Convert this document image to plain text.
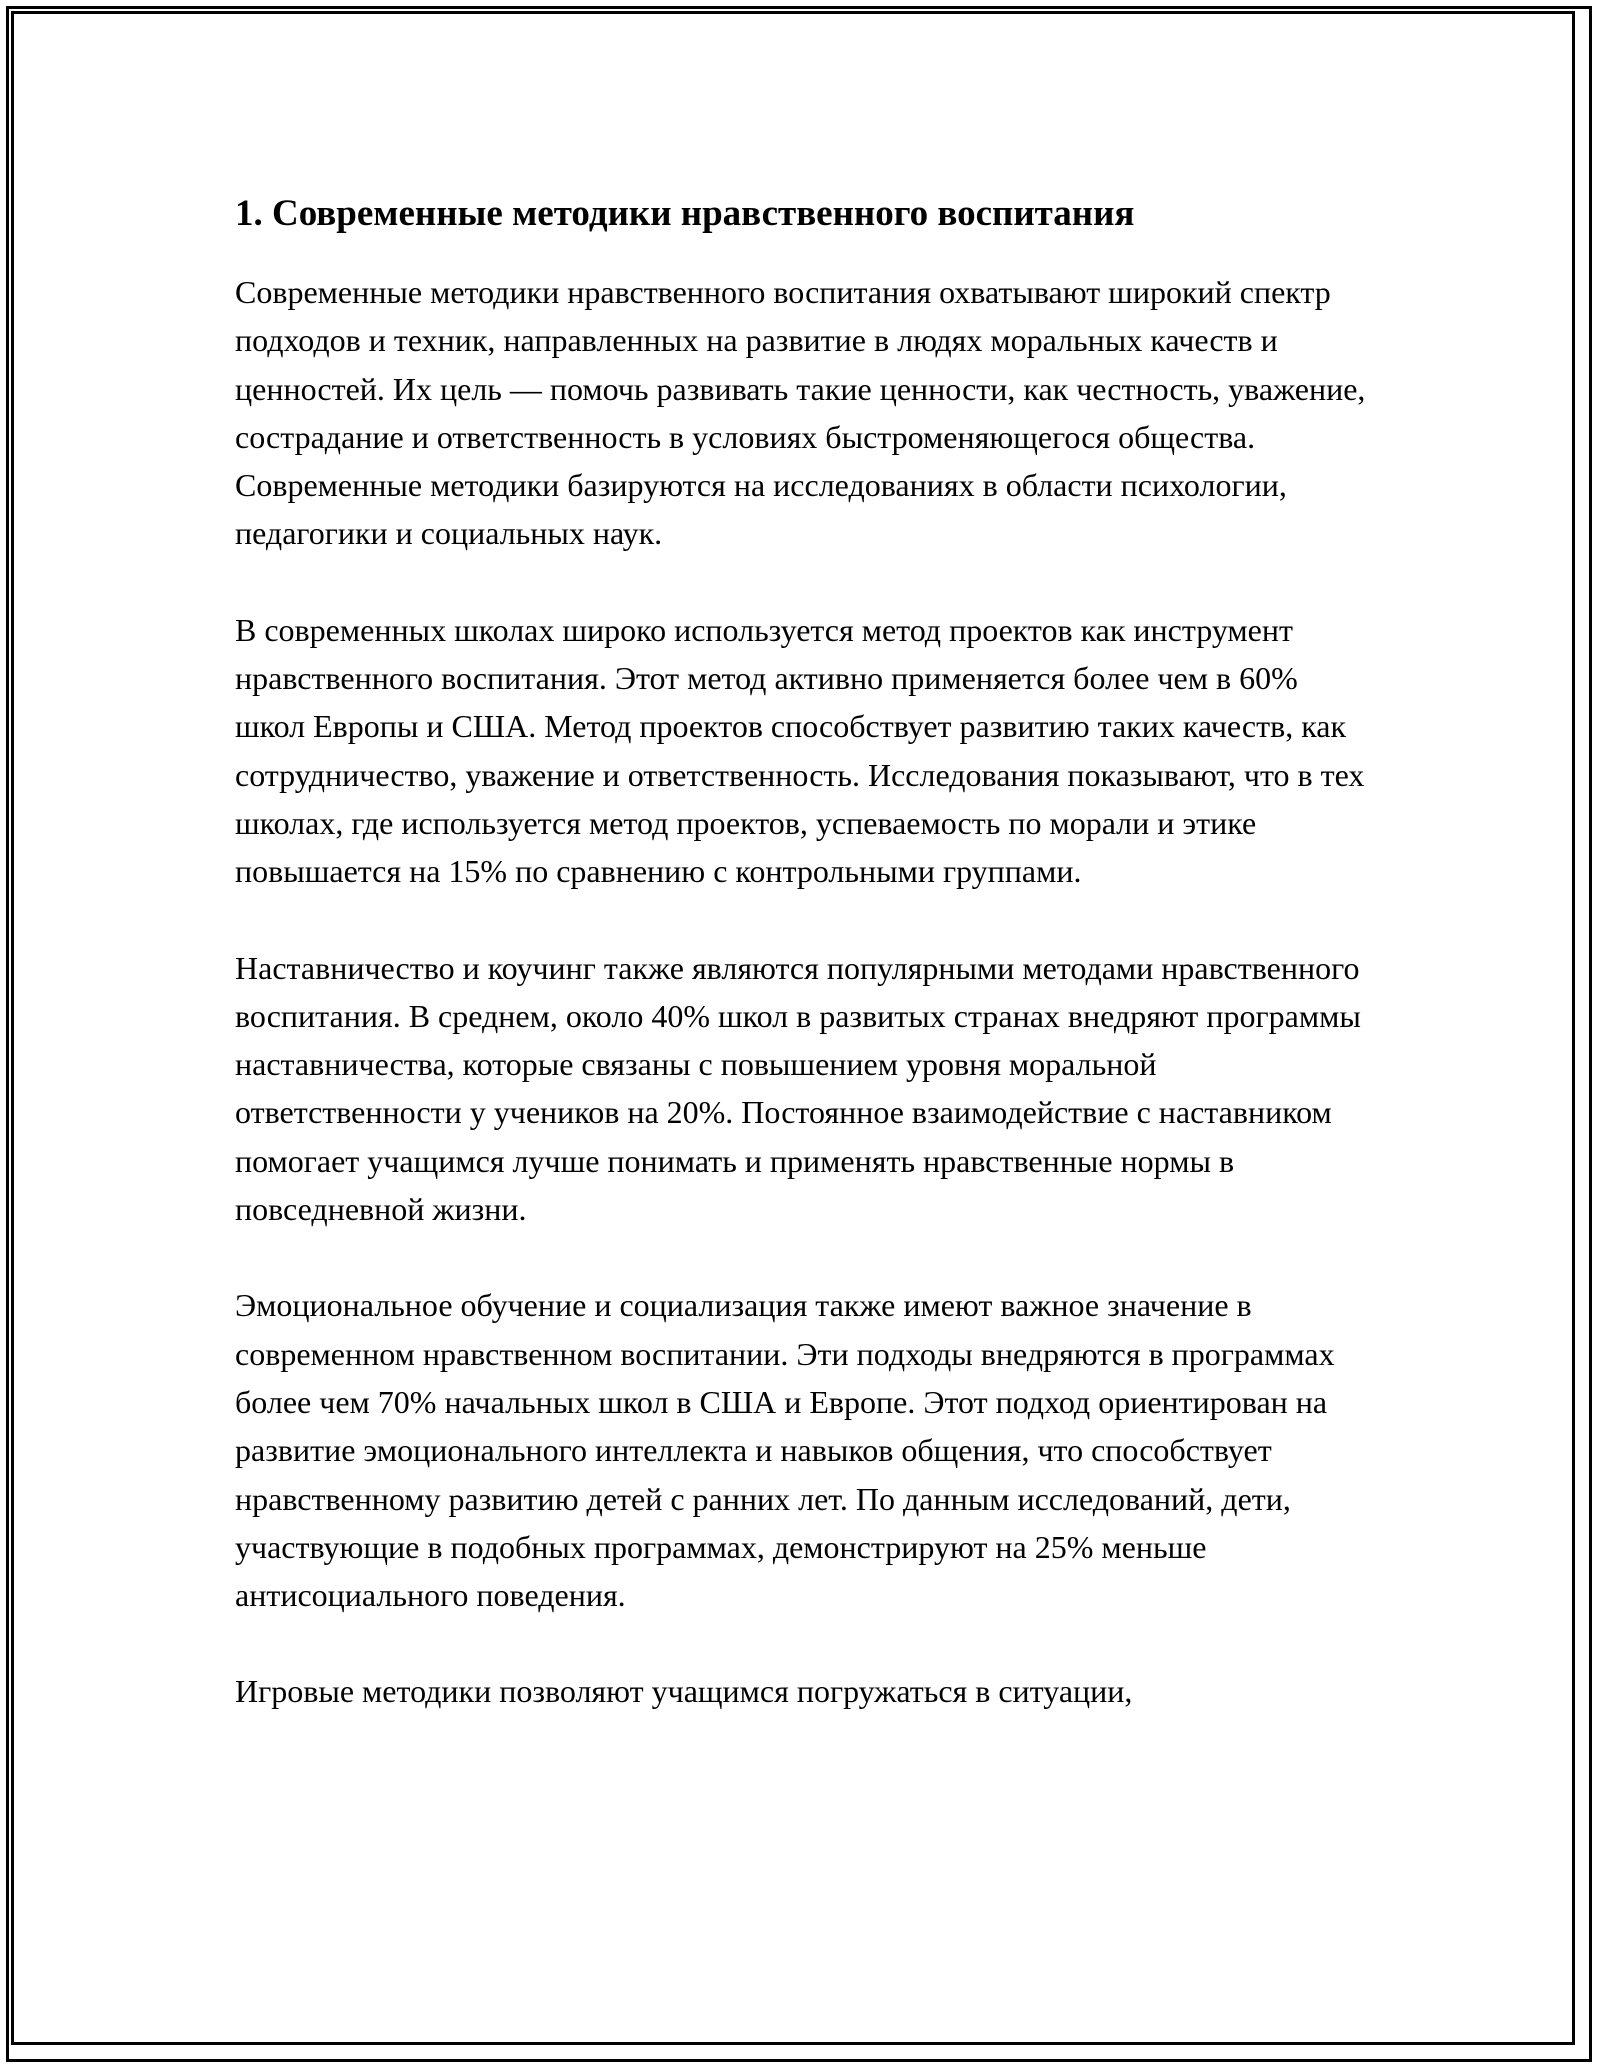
1. Современные методики нравственного воспитания

Современные методики нравственного воспитания охватывают широкий спектр подходов и техник, направленных на развитие в людях моральных качеств и ценностей. Их цель — помочь развивать такие ценности, как честность, уважение, сострадание и ответственность в условиях быстроменяющегося общества. Современные методики базируются на исследованиях в области психологии, педагогики и социальных наук.

В современных школах широко используется метод проектов как инструмент нравственного воспитания. Этот метод активно применяется более чем в 60% школ Европы и США. Метод проектов способствует развитию таких качеств, как сотрудничество, уважение и ответственность. Исследования показывают, что в тех школах, где используется метод проектов, успеваемость по морали и этике повышается на 15% по сравнению с контрольными группами.

Наставничество и коучинг также являются популярными методами нравственного воспитания. В среднем, около 40% школ в развитых странах внедряют программы наставничества, которые связаны с повышением уровня моральной ответственности у учеников на 20%. Постоянное взаимодействие с наставником помогает учащимся лучше понимать и применять нравственные нормы в повседневной жизни.

Эмоциональное обучение и социализация также имеют важное значение в современном нравственном воспитании. Эти подходы внедряются в программах более чем 70% начальных школ в США и Европе. Этот подход ориентирован на развитие эмоционального интеллекта и навыков общения, что способствует нравственному развитию детей с ранних лет. По данным исследований, дети, участвующие в подобных программах, демонстрируют на 25% меньше антисоциального поведения.

Игровые методики позволяют учащимся погружаться в ситуации,
